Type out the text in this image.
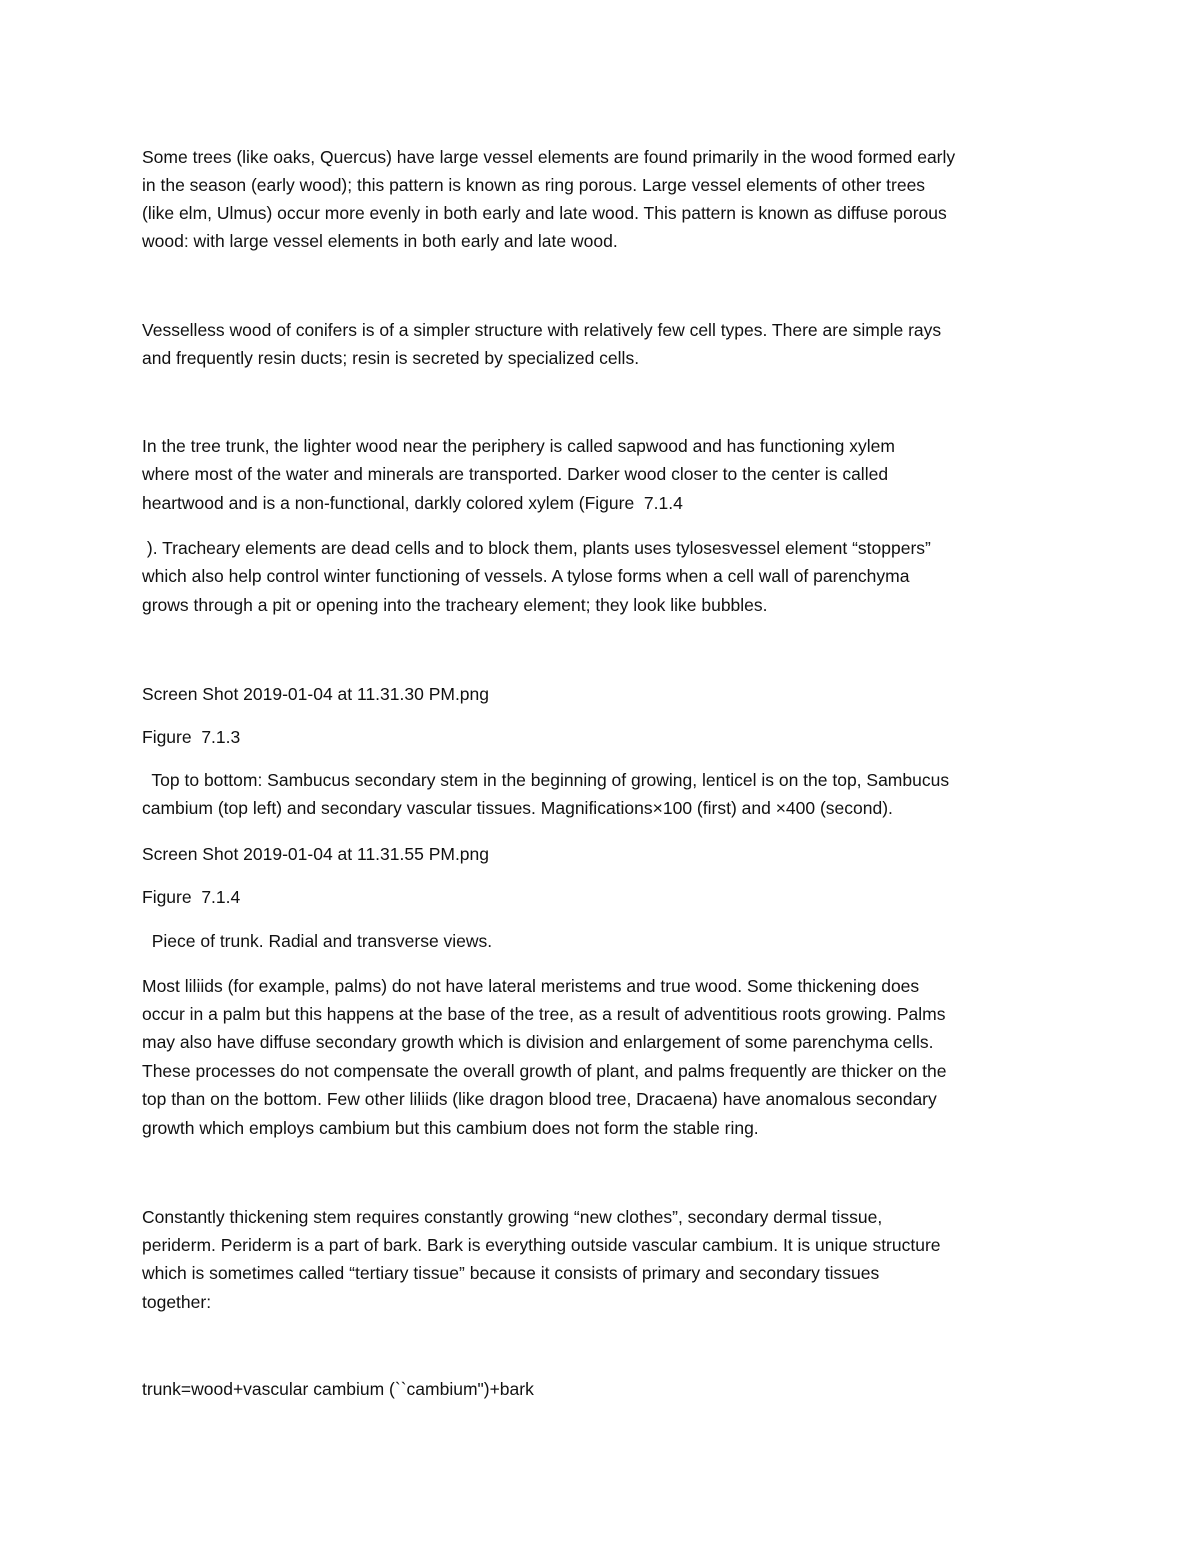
Some trees (like oaks, Quercus) have large vessel elements are found primarily in the wood formed early

in the season (early wood); this pattern is known as ring porous. Large vessel elements of other trees

(like elm, Ulmus) occur more evenly in both early and late wood. This pattern is known as diffuse porous

wood: with large vessel elements in both early and late wood.

Vesselless wood of conifers is of a simpler structure with relatively few cell types. There are simple rays

and frequently resin ducts; resin is secreted by specialized cells.

In the tree trunk, the lighter wood near the periphery is called sapwood and has functioning xylem

where most of the water and minerals are transported. Darker wood closer to the center is called

heartwood and is a non-functional, darkly colored xylem (Figure  7.1.4

). Tracheary elements are dead cells and to block them, plants uses tylosesvessel element “stoppers”

which also help control winter functioning of vessels. A tylose forms when a cell wall of parenchyma

grows through a pit or opening into the tracheary element; they look like bubbles.

Screen Shot 2019-01-04 at 11.31.30 PM.png

Figure  7.1.3

Top to bottom: Sambucus secondary stem in the beginning of growing, lenticel is on the top, Sambucus

cambium (top left) and secondary vascular tissues. Magnifications×100 (first) and ×400 (second).

Screen Shot 2019-01-04 at 11.31.55 PM.png

Figure  7.1.4

Piece of trunk. Radial and transverse views.

Most liliids (for example, palms) do not have lateral meristems and true wood. Some thickening does

occur in a palm but this happens at the base of the tree, as a result of adventitious roots growing. Palms

may also have diffuse secondary growth which is division and enlargement of some parenchyma cells.

These processes do not compensate the overall growth of plant, and palms frequently are thicker on the

top than on the bottom. Few other liliids (like dragon blood tree, Dracaena) have anomalous secondary

growth which employs cambium but this cambium does not form the stable ring.

Constantly thickening stem requires constantly growing “new clothes”, secondary dermal tissue,

periderm. Periderm is a part of bark. Bark is everything outside vascular cambium. It is unique structure

which is sometimes called “tertiary tissue” because it consists of primary and secondary tissues

together:

trunk=wood+vascular cambium (``cambium")+bark
